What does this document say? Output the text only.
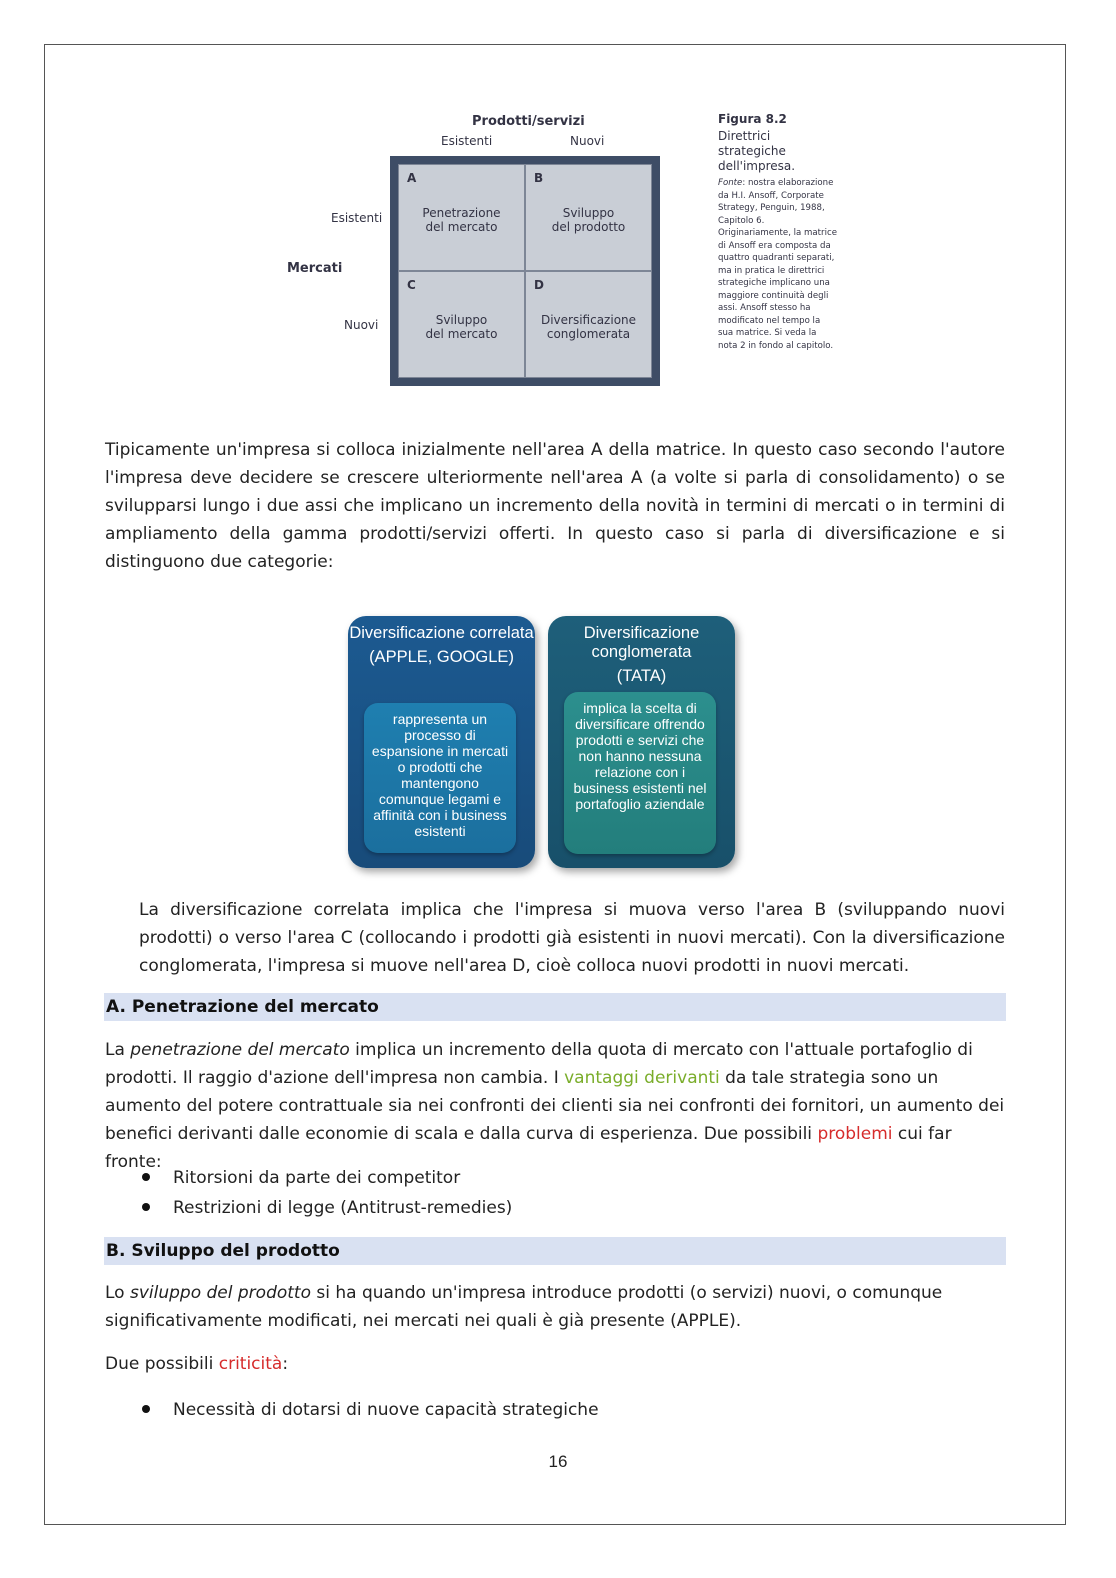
Prodotti/servizi
Esistenti	Nuovi
Esistenti
Mercati
Nuovi
A
Penetrazione
del mercato
B
Sviluppo
del prodotto
C
Sviluppo
del mercato
D
Diversificazione
conglomerata
Figura 8.2
Direttrici strategiche dell'impresa.
Fonte: nostra elaborazione da H.I. Ansoff, Corporate Strategy, Penguin, 1988, Capitolo 6. Originariamente, la matrice di Ansoff era composta da quattro quadranti separati, ma in pratica le direttrici strategiche implicano una maggiore continuità degli assi. Ansoff stesso ha modificato nel tempo la sua matrice. Si veda la nota 2 in fondo al capitolo.

Tipicamente un'impresa si colloca inizialmente nell'area A della matrice. In questo caso secondo l'autore l'impresa deve decidere se crescere ulteriormente nell'area A (a volte si parla di consolidamento) o se svilupparsi lungo i due assi che implicano un incremento della novità in termini di mercati o in termini di ampliamento della gamma prodotti/servizi offerti. In questo caso si parla di diversificazione e si distinguono due categorie:

Diversificazione correlata
(APPLE, GOOGLE)
rappresenta un processo di espansione in mercati o prodotti che mantengono comunque legami e affinità con i business esistenti
Diversificazione conglomerata
(TATA)
implica la scelta di diversificare offrendo prodotti e servizi che non hanno nessuna relazione con i business esistenti nel portafoglio aziendale

La diversificazione correlata implica che l'impresa si muova verso l'area B (sviluppando nuovi prodotti) o verso l'area C (collocando i prodotti già esistenti in nuovi mercati). Con la diversificazione conglomerata, l'impresa si muove nell'area D, cioè colloca nuovi prodotti in nuovi mercati.

A. Penetrazione del mercato

La penetrazione del mercato implica un incremento della quota di mercato con l'attuale portafoglio di prodotti. Il raggio d'azione dell'impresa non cambia. I vantaggi derivanti da tale strategia sono un aumento del potere contrattuale sia nei confronti dei clienti sia nei confronti dei fornitori, un aumento dei benefici derivanti dalle economie di scala e dalla curva di esperienza. Due possibili problemi cui far fronte:

Ritorsioni da parte dei competitor
Restrizioni di legge (Antitrust-remedies)
B. Sviluppo del prodotto

Lo sviluppo del prodotto si ha quando un'impresa introduce prodotti (o servizi) nuovi, o comunque significativamente modificati, nei mercati nei quali è già presente (APPLE).

Due possibili criticità:

Necessità di dotarsi di nuove capacità strategiche
16
